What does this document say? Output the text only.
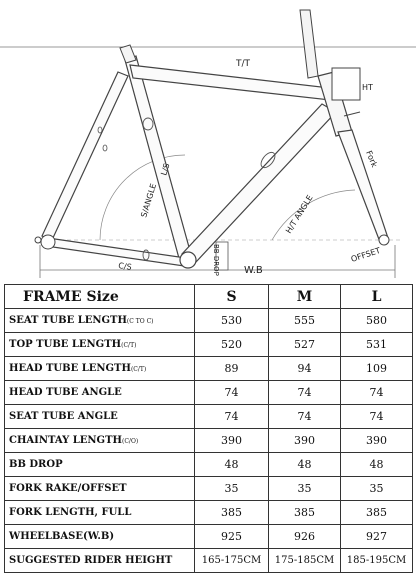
T/T
HT
Fork
S/ANGLE
L/S
H/T ANGLE
C/S	BB DROP W.B
OFFSET
FRAME Size	S	M	L
SEAT TUBE LENGTH(C TO C)	530	555	580
TOP TUBE LENGTH(C/T)	520	527	531
HEAD TUBE LENGTH(C/T)	89	94	109
HEAD TUBE ANGLE	74	74	74
SEAT TUBE ANGLE	74	74	74
CHAINTAY LENGTH(C/O)	390	390	390
BB DROP	48	48	48
FORK RAKE/OFFSET	35	35	35
FORK LENGTH, FULL	385	385	385
WHEELBASE(W.B)	925	926	927
SUGGESTED RIDER HEIGHT	165-175CM	175-185CM	185-195CM
